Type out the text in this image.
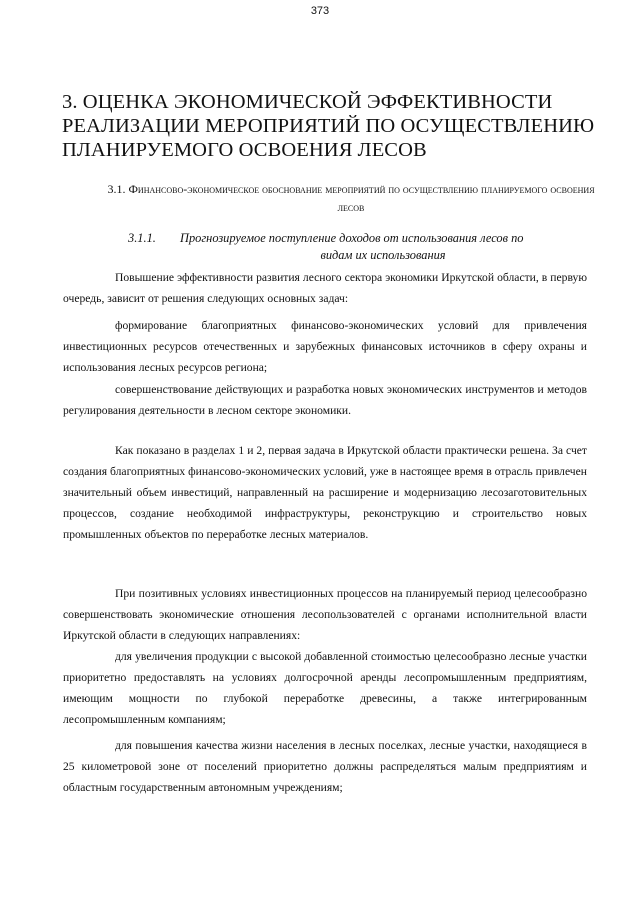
373
3. ОЦЕНКА ЭКОНОМИЧЕСКОЙ ЭФФЕКТИВНОСТИ РЕАЛИЗАЦИИ МЕРОПРИЯТИЙ ПО ОСУЩЕСТВЛЕНИЮ ПЛАНИРУЕМОГО ОСВОЕНИЯ ЛЕСОВ
3.1. Финансово-экономическое обоснование мероприятий по осуществлению планируемого освоения лесов
3.1.1. Прогнозируемое поступление доходов от использования лесов по
видам их использования

Повышение эффективности развития лесного сектора экономики Иркутской области, в первую очередь, зависит от решения следующих основных задач:

формирование благоприятных финансово-экономических условий для привлечения инвестиционных ресурсов отечественных и зарубежных финансовых источников в сферу охраны и использования лесных ресурсов региона;

совершенствование действующих и разработка новых экономических инструментов и методов регулирования деятельности в лесном секторе экономики.

Как показано в разделах 1 и 2, первая задача в Иркутской области практически решена. За счет создания благоприятных финансово-экономических условий, уже в настоящее время в отрасль привлечен значительный объем инвестиций, направленный на расширение и модернизацию лесозаготовительных процессов, создание необходимой инфраструктуры, реконструкцию и строительство новых промышленных объектов по переработке лесных материалов.

При позитивных условиях инвестиционных процессов на планируемый период целесообразно совершенствовать экономические отношения лесопользователей с органами исполнительной власти Иркутской области в следующих направлениях:

для увеличения продукции с высокой добавленной стоимостью целесообразно лесные участки приоритетно предоставлять на условиях долгосрочной аренды лесопромышленным предприятиям, имеющим мощности по глубокой переработке древесины, а также интегрированным лесопромышленным компаниям;

для повышения качества жизни населения в лесных поселках, лесные участки, находящиеся в 25 километровой зоне от поселений приоритетно должны распределяться малым предприятиям и областным государственным автономным учреждениям;
